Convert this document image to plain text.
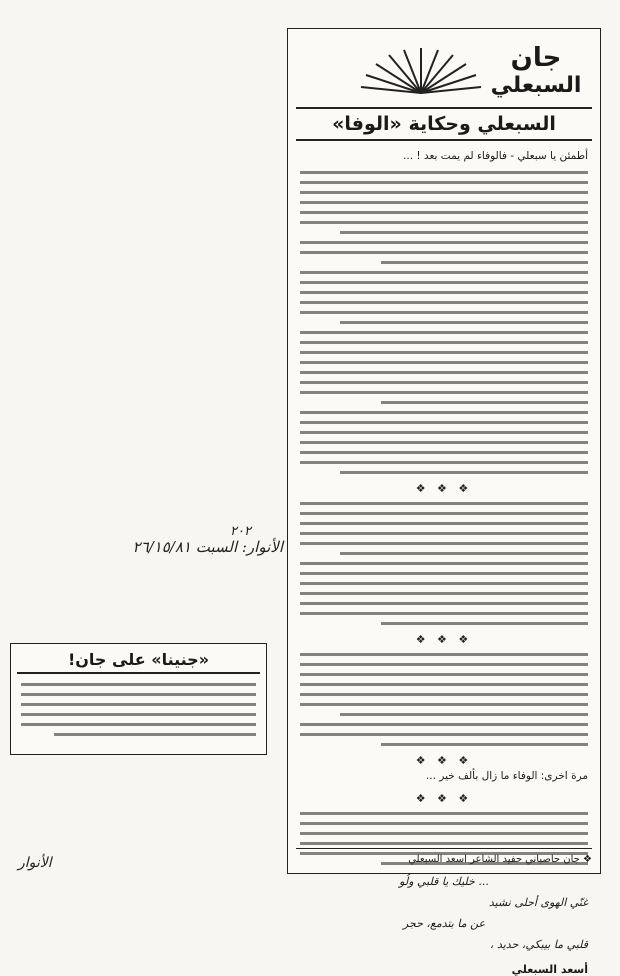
جان
السبعلي
السبعلي وحكاية «الوفا»
أطمئن يا سبعلي - فالوفاء لم يمت بعد ! ...
❖ ❖ ❖
❖ ❖ ❖
❖ ❖ ❖
مرة اخرى: الوفاء ما زال بألف خير ...
❖ ❖ ❖
... خليك يا قلبي ولُو
غنّي الهوى أحلى نشيد
عن ما بتدمع، حجر
قلبي ما بيبكي، حديد ،
أسعد السبعلي
❖ جان حاصباني حفيد الشاعر اسعد السبعلي
٢٠٢
الأنوار: السبت ٢٦/١٥/٨١
الأنوار
«جنينا» على جان!
